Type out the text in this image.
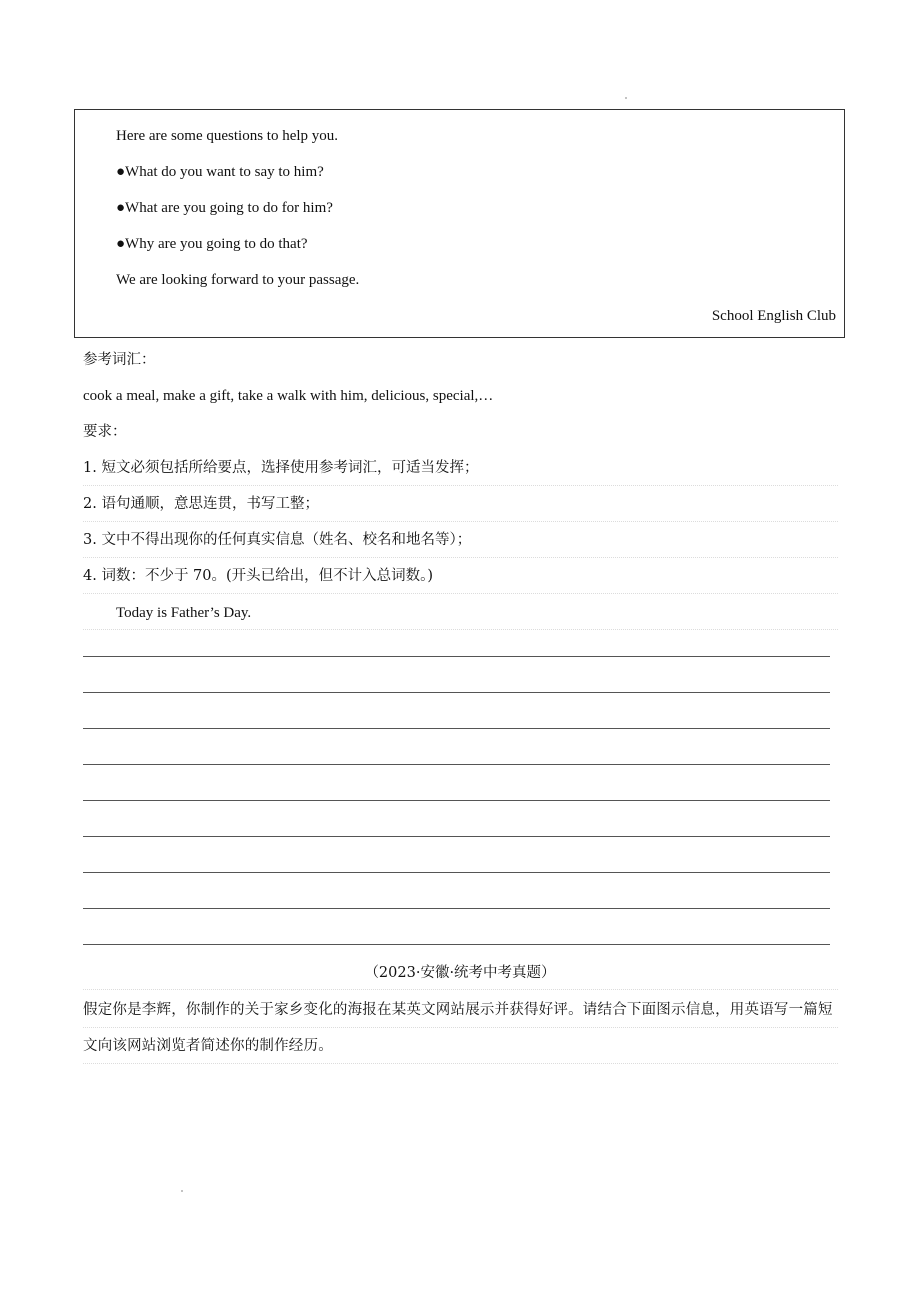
Here are some questions to help you.
●What do you want to say to him?
●What are you going to do for him?
●Why are you going to do that?
We are looking forward to your passage.
School English Club
参考词汇：
cook a meal, make a gift, take a walk with him, delicious, special,…
要求：
1. 短文必须包括所给要点，选择使用参考词汇，可适当发挥；
2. 语句通顺，意思连贯，书写工整；
3. 文中不得出现你的任何真实信息（姓名、校名和地名等）；
4. 词数：不少于 70。(开头已给出，但不计入总词数。)
Today is Father’s Day.
（2023·安徽·统考中考真题）
假定你是李辉，你制作的关于家乡变化的海报在某英文网站展示并获得好评。请结合下面图示信息，用英语写一篇短文向该网站浏览者简述你的制作经历。
